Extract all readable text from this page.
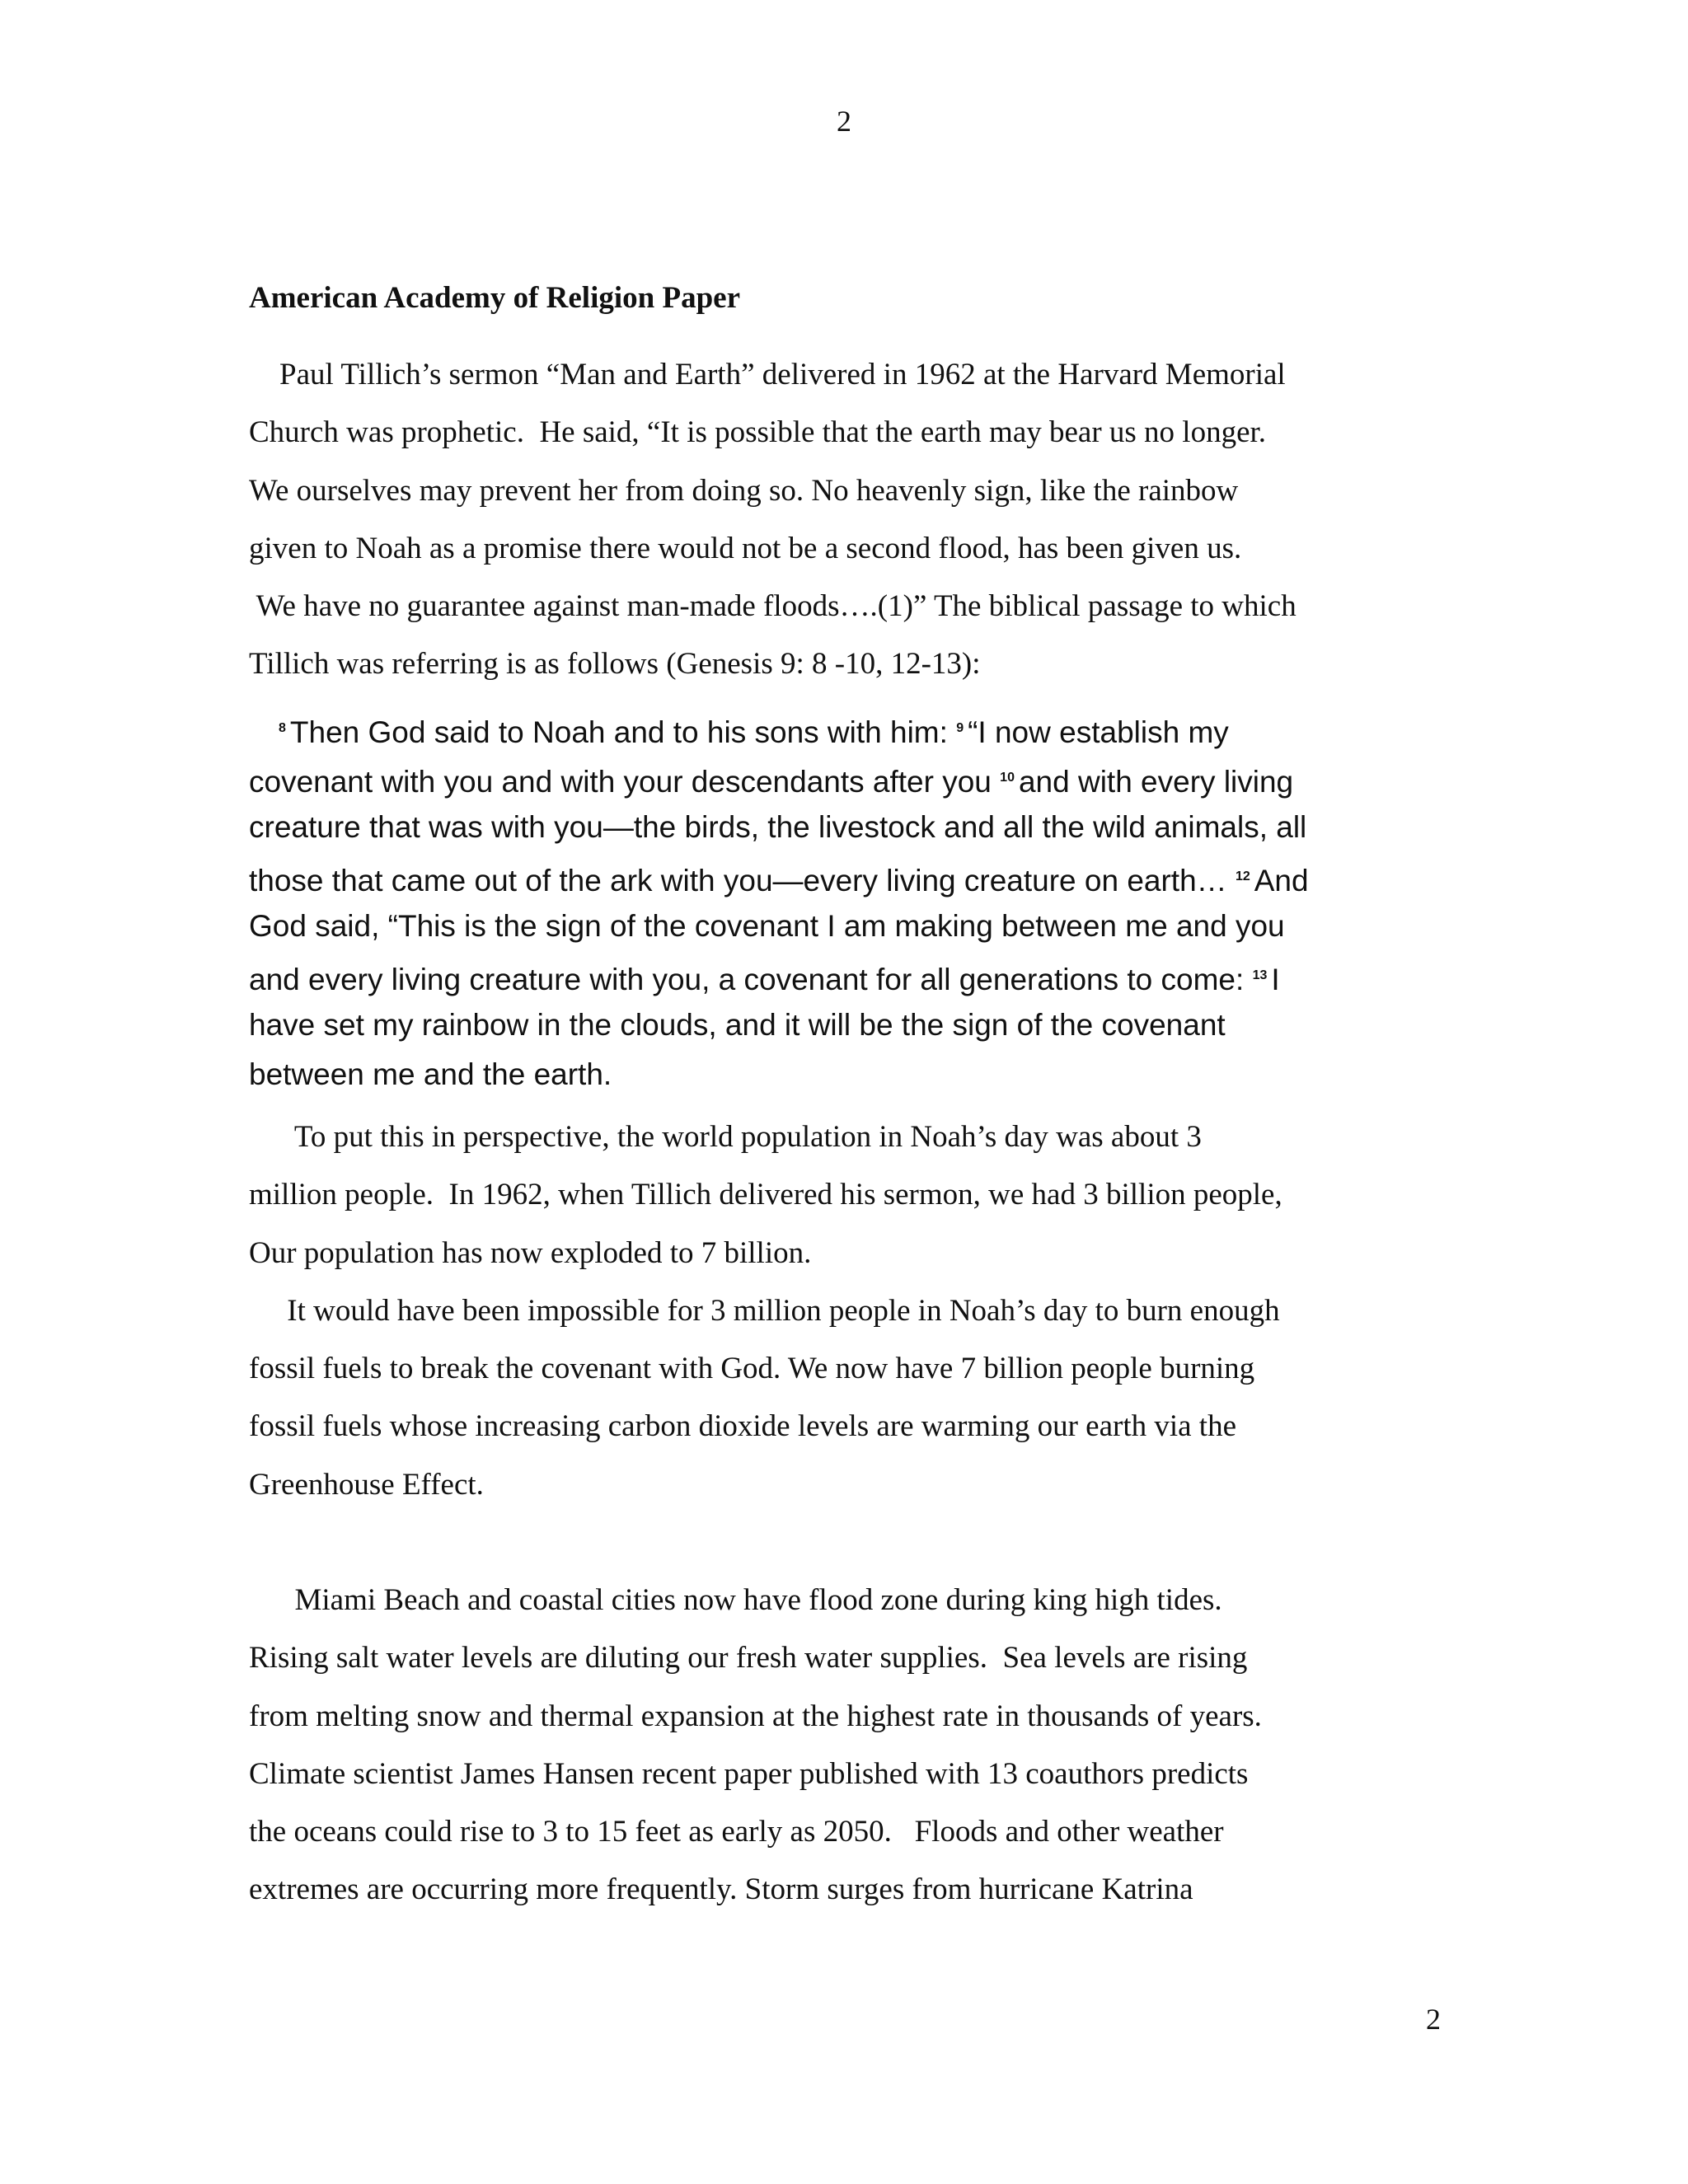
2
American Academy of Religion Paper
Paul Tillich’s sermon “Man and Earth” delivered in 1962 at the Harvard Memorial
Church was prophetic.  He said, “It is possible that the earth may bear us no longer.
We ourselves may prevent her from doing so. No heavenly sign, like the rainbow
given to Noah as a promise there would not be a second flood, has been given us.
We have no guarantee against man-made floods….(1)” The biblical passage to which
Tillich was referring is as follows (Genesis 9: 8 -10, 12-13):
$^8$ Then God said to Noah and to his sons with him: $^9$ “I now establish my
covenant with you and with your descendants after you $^{10}$ and with every living
creature that was with you—the birds, the livestock and all the wild animals, all
those that came out of the ark with you—every living creature on earth… $^{12}$ And
God said, “This is the sign of the covenant I am making between me and you
and every living creature with you, a covenant for all generations to come: $^{13}$ I
have set my rainbow in the clouds, and it will be the sign of the covenant
between me and the earth.
To put this in perspective, the world population in Noah’s day was about 3
million people.  In 1962, when Tillich delivered his sermon, we had 3 billion people,
Our population has now exploded to 7 billion.
It would have been impossible for 3 million people in Noah’s day to burn enough
fossil fuels to break the covenant with God. We now have 7 billion people burning
fossil fuels whose increasing carbon dioxide levels are warming our earth via the
Greenhouse Effect.
Miami Beach and coastal cities now have flood zone during king high tides.
Rising salt water levels are diluting our fresh water supplies.  Sea levels are rising
from melting snow and thermal expansion at the highest rate in thousands of years.
Climate scientist James Hansen recent paper published with 13 coauthors predicts
the oceans could rise to 3 to 15 feet as early as 2050.   Floods and other weather
extremes are occurring more frequently. Storm surges from hurricane Katrina
2
